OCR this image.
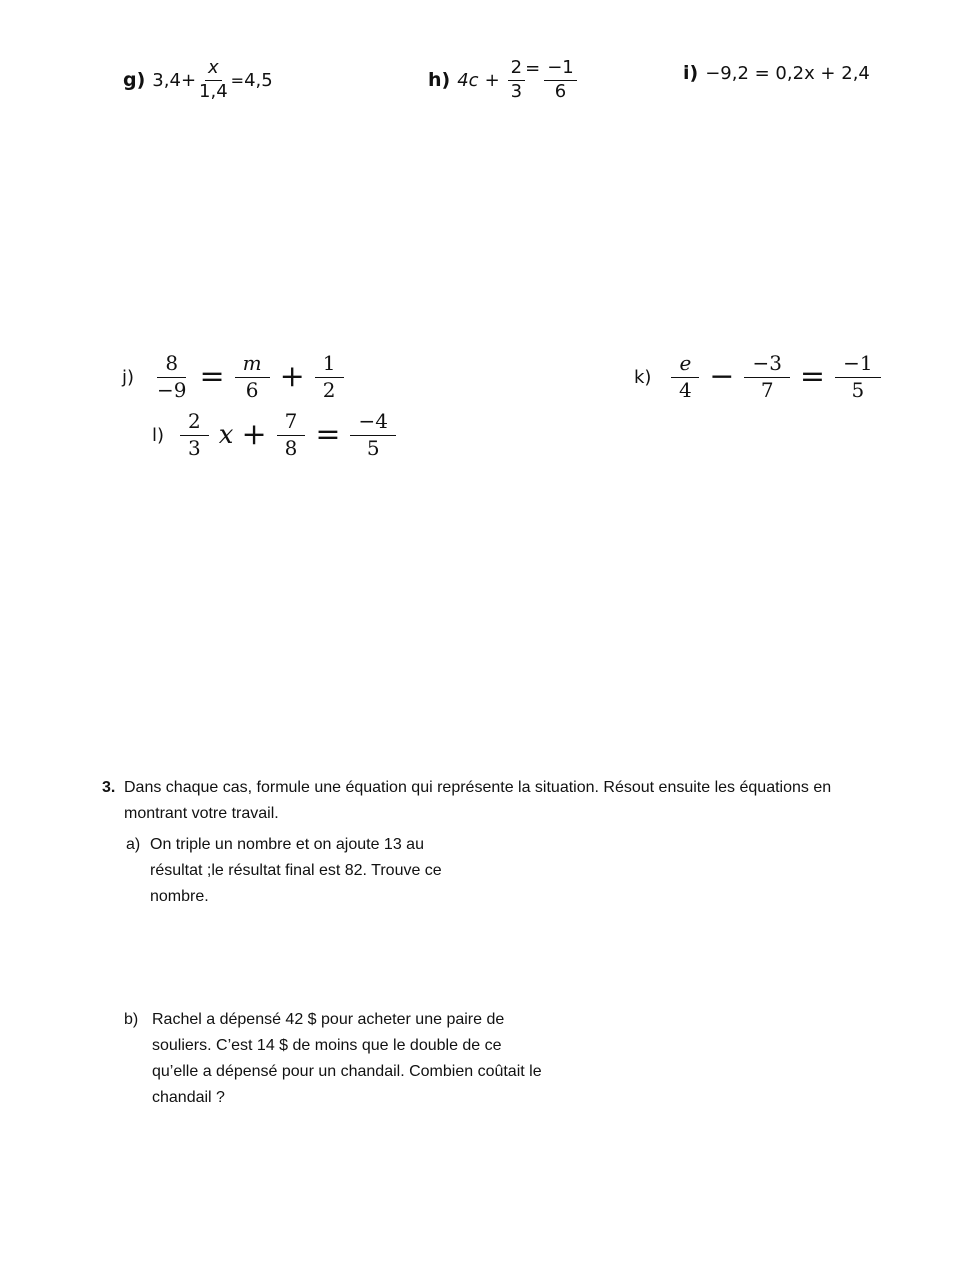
g) $3,4 + \frac{x}{1,4} = 4,5$	h) $4c + \frac{2}{3} = \frac{-1}{6}$	i) −9,2 = 0,2x + 2,4
$j) \frac{8}{-9} = \frac{m}{6} + \frac{1}{2}$	$k) \frac{e}{4} - \frac{-3}{7} = \frac{-1}{5}$
$l) \frac{2}{3}$ $x + \frac{7}{8} = \frac{-4}{5}$
3. Dans chaque cas, formule une équation qui représente la situation. Résout ensuite les équations en montrant votre travail.
a) On triple un nombre et on ajoute 13 au résultat ;le résultat final est 82. Trouve ce nombre.
b) Rachel a dépensé 42 $ pour acheter une paire de souliers. C’est 14 $ de moins que le double de ce qu’elle a dépensé pour un chandail. Combien coûtait le chandail ?
